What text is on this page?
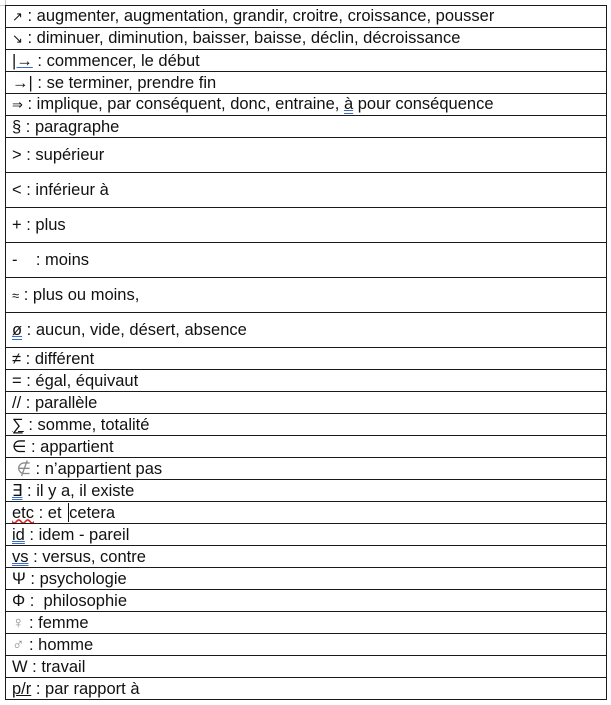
↗ : augmenter, augmentation, grandir, croitre, croissance, pousser
↘ : diminuer, diminution, baisser, baisse, déclin, décroissance
|→ : commencer, le début
→| : se terminer, prendre fin
⇒ : implique, par conséquent, donc, entraine, à pour conséquence
§ : paragraphe
> : supérieur
< : inférieur à
+ : plus
-    : moins
≈ : plus ou moins,
ø : aucun, vide, désert, absence
≠ : différent
= : égal, équivaut
// : parallèle
∑ : somme, totalité
∈ : appartient
∉ : n’appartient pas
∃ : il y a, il existe
etc : et cetera
id : idem - pareil
vs : versus, contre
Ψ : psychologie
Φ :  philosophie
♀ : femme
♂ : homme
W : travail
p/r : par rapport à
